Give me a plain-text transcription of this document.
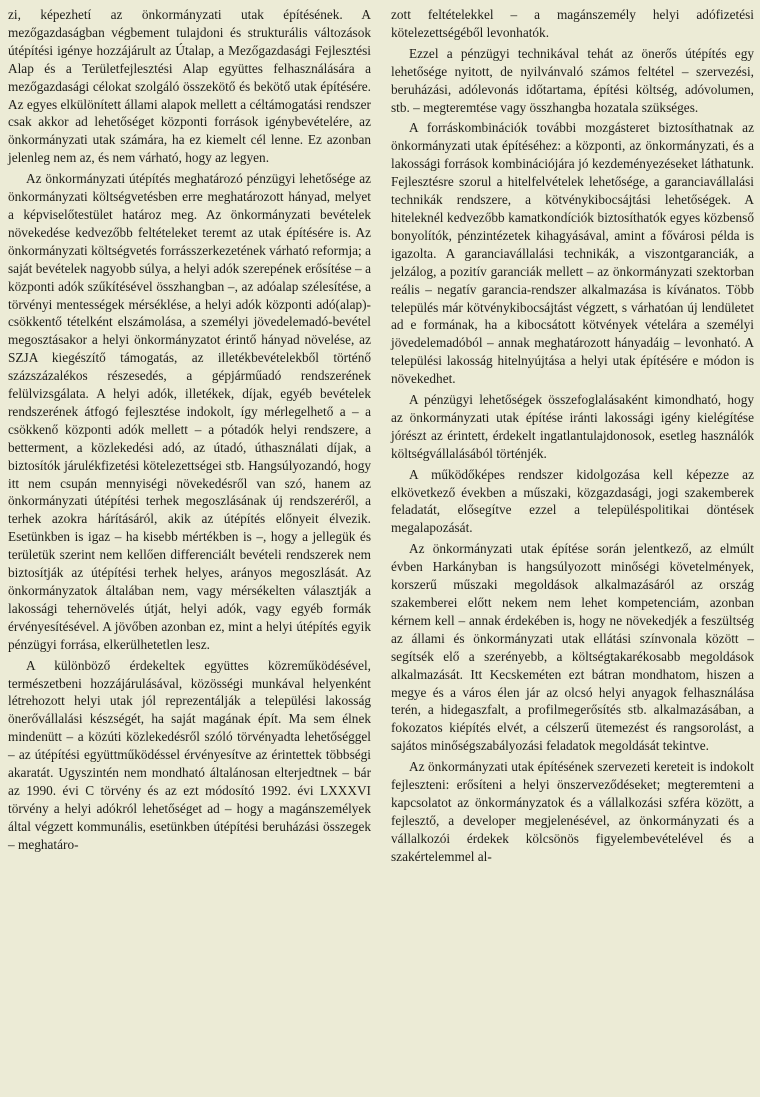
zi, képezhetí az önkormányzati utak építésének. A mezőgazdaságban végbement tulajdoni és strukturális változások útépítési igénye hozzájárult az Útalap, a Mezőgazdasági Fejlesztési Alap és a Területfejlesztési Alap együttes felhasználására a mezőgazdasági célokat szolgáló összekötő és bekötő utak építésére. Az egyes elkülönített állami alapok mellett a céltámogatási rendszer csak akkor ad lehetőséget központi források igénybevételére, az önkormányzati utak számára, ha ez kiemelt cél lenne. Ez azonban jelenleg nem az, és nem várható, hogy az legyen.

Az önkormányzati útépítés meghatározó pénzügyi lehetősége az önkormányzati költségvetésben erre meghatározott hányad, melyet a képviselőtestület határoz meg. Az önkormányzati bevételek növekedése kedvezőbb feltételeket teremt az utak építésére is. Az önkormányzati költségvetés forrásszerkezetének várható reformja; a saját bevételek nagyobb súlya, a helyi adók szerepének erősítése – a központi adók szűkítésével összhangban –, az adóalap szélesítése, a törvényi mentességek mérséklése, a helyi adók központi adó(alap)-csökkentő tételként elszámolása, a személyi jövedelemadó-bevétel megosztásakor a helyi önkormányzatot érintő hányad növelése, az SZJA kiegészítő támogatás, az illetékbevételekből történő százszázalékos részesedés, a gépjárműadó rendszerének felülvizsgálata. A helyi adók, illetékek, díjak, egyéb bevételek rendszerének átfogó fejlesztése indokolt, így mérlegelhető a – a csökkenő központi adók mellett – a pótadók helyi rendszere, a betterment, a közlekedési adó, az útadó, úthasználati díjak, a biztosítók járulékfizetési kötelezettségei stb. Hangsúlyozandó, hogy itt nem csupán mennyiségi növekedésről van szó, hanem az önkormányzati útépítési terhek megoszlásának új rendszeréről, a terhek azokra hárításáról, akik az útépítés előnyeit élvezik. Esetünkben is igaz – ha kisebb mértékben is –, hogy a jellegük és területük szerint nem kellően differenciált bevételi rendszerek nem biztosítják az útépítési terhek helyes, arányos megoszlását. Az önkormányzatok általában nem, vagy mérsékelten választják a lakossági tehernövelés útját, helyi adók, vagy egyéb formák érvényesítésével. A jövőben azonban ez, mint a helyi útépítés egyik pénzügyi forrása, elkerülhetetlen lesz.

A különböző érdekeltek együttes közreműködésével, természetbeni hozzájárulásával, közösségi munkával helyenként létrehozott helyi utak jól reprezentálják a települési lakosság önerővállalási készségét, ha saját magának épít. Ma sem élnek mindenütt – a közúti közlekedésről szóló törvényadta lehetőséggel – az útépítési együttműködéssel érvényesítve az érintettek többségi akaratát. Ugyszintén nem mondható általánosan elterjedtnek – bár az 1990. évi C törvény és az ezt módosító 1992. évi LXXXVI törvény a helyi adókról lehetőséget ad – hogy a magánszemélyek által végzett kommunális, esetünkben útépítési beruházási összegek – meghatáro-

zott feltételekkel – a magánszemély helyi adófizetési kötelezettségéből levonhatók.

Ezzel a pénzügyi technikával tehát az önerős útépítés egy lehetősége nyitott, de nyilvánvaló számos feltétel – szervezési, beruházási, adólevonás időtartama, építési költség, adóvolumen, stb. – megteremtése vagy összhangba hozatala szükséges.

A forráskombinációk további mozgásteret biztosíthatnak az önkormányzati utak építéséhez: a központi, az önkormányzati, és a lakossági források kombinációjára jó kezdeményezéseket láthatunk. Fejlesztésre szorul a hitelfelvételek lehetősége, a garanciavállalási technikák rendszere, a kötvénykibocsájtási lehetőségek. A hiteleknél kedvezőbb kamatkondíciók biztosíthatók egyes közbenső bonyolítók, pénzintézetek kihagyásával, amint a fővárosi példa is igazolta. A garanciavállalási technikák, a viszontgaranciák, a jelzálog, a pozitív garanciák mellett – az önkormányzati szektorban reális – negatív garancia-rendszer alkalmazása is kívánatos. Több település már kötvénykibocsájtást végzett, s várhatóan új lendületet ad e formának, ha a kibocsátott kötvények vételára a személyi jövedelemadóból – annak meghatározott hányadáig – levonható. A települési lakosság hitelnyújtása a helyi utak építésére e módon is növekedhet.

A pénzügyi lehetőségek összefoglalásaként kimondható, hogy az önkormányzati utak építése iránti lakossági igény kielégítése jórészt az érintett, érdekelt ingatlantulajdonosok, esetleg használók költségvállalásából történjék.

A működőképes rendszer kidolgozása kell képezze az elkövetkező években a műszaki, közgazdasági, jogi szakemberek feladatát, elősegítve ezzel a településpolitikai döntések megalapozását.

Az önkormányzati utak építése során jelentkező, az elmúlt évben Harkányban is hangsúlyozott minőségi követelmények, korszerű műszaki megoldások alkalmazásáról az ország szakemberei előtt nekem nem lehet kompetenciám, azonban kérnem kell – annak érdekében is, hogy ne növekedjék a feszültség az állami és önkormányzati utak ellátási színvonala között – segítsék elő a szerényebb, a költségtakarékosabb megoldások alkalmazását. Itt Kecskeméten ezt bátran mondhatom, hiszen a megye és a város élen jár az olcsó helyi anyagok felhasználása terén, a hidegaszfalt, a profilmegerősítés stb. alkalmazásában, a fokozatos kiépítés elvét, a célszerű ütemezést és rangsorolást, a sajátos minőségszabályozási feladatok megoldását tekintve.

Az önkormányzati utak építésének szervezeti kereteit is indokolt fejleszteni: erősíteni a helyi önszerveződéseket; megteremteni a kapcsolatot az önkormányzatok és a vállalkozási szféra között, a fejlesztő, a developer megjelenésével, az önkormányzati és a vállalkozói érdekek kölcsönös figyelembevételével és a szakértelemmel al-
